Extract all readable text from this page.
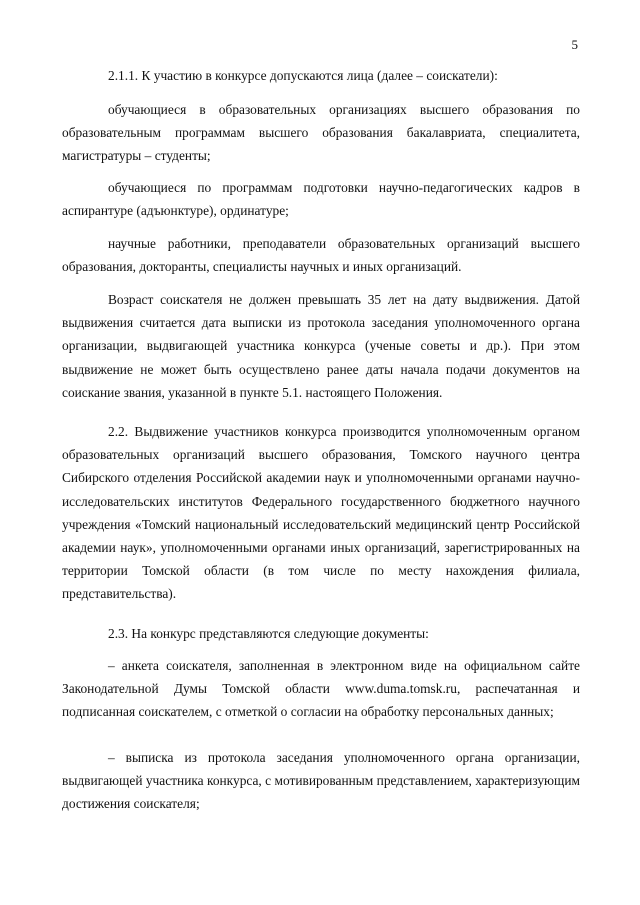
5

2.1.1. К участию в конкурсе допускаются лица (далее – соискатели):

обучающиеся в образовательных организациях высшего образования по образовательным программам высшего образования бакалавриата, специалитета, магистратуры – студенты;

обучающиеся по программам подготовки научно-педагогических кадров в аспирантуре (адъюнктуре), ординатуре;

научные работники, преподаватели образовательных организаций высшего образования, докторанты, специалисты научных и иных организаций.

Возраст соискателя не должен превышать 35 лет на дату выдвижения. Датой выдвижения считается дата выписки из протокола заседания уполномоченного органа организации, выдвигающей участника конкурса (ученые советы и др.). При этом выдвижение не может быть осуществлено ранее даты начала подачи документов на соискание звания, указанной в пункте 5.1. настоящего Положения.

2.2. Выдвижение участников конкурса производится уполномоченным органом образовательных организаций высшего образования, Томского научного центра Сибирского отделения Российской академии наук и уполномоченными органами научно-исследовательских институтов Федерального государственного бюджетного научного учреждения «Томский национальный исследовательский медицинский центр Российской академии наук», уполномоченными органами иных организаций, зарегистрированных на территории Томской области (в том числе по месту нахождения филиала, представительства).

2.3. На конкурс представляются следующие документы:

– анкета соискателя, заполненная в электронном виде на официальном сайте Законодательной Думы Томской области www.duma.tomsk.ru, распечатанная и подписанная соискателем, с отметкой о согласии на обработку персональных данных;

– выписка из протокола заседания уполномоченного органа организации, выдвигающей участника конкурса, с мотивированным представлением, характеризующим достижения соискателя;
